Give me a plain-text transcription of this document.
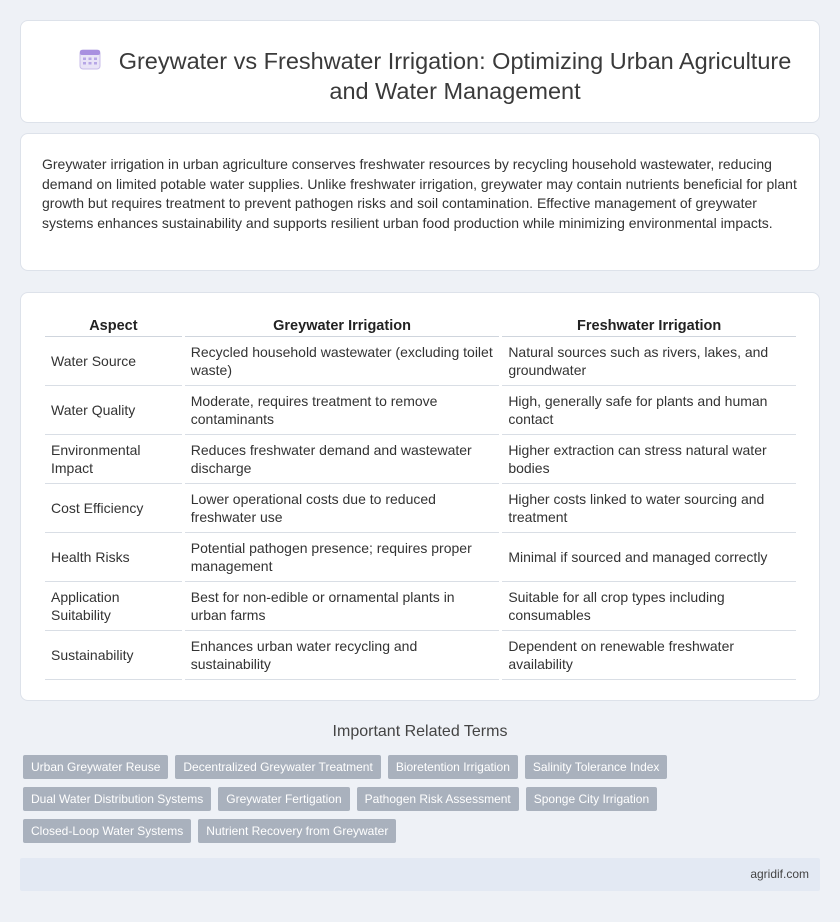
Greywater vs Freshwater Irrigation: Optimizing Urban Agriculture and Water Management

Greywater irrigation in urban agriculture conserves freshwater resources by recycling household wastewater, reducing demand on limited potable water supplies. Unlike freshwater irrigation, greywater may contain nutrients beneficial for plant growth but requires treatment to prevent pathogen risks and soil contamination. Effective management of greywater systems enhances sustainability and supports resilient urban food production while minimizing environmental impacts.

Aspect	Greywater Irrigation	Freshwater Irrigation
Water Source	Recycled household wastewater (excluding toilet waste)	Natural sources such as rivers, lakes, and groundwater
Water Quality	Moderate, requires treatment to remove contaminants	High, generally safe for plants and human contact
Environmental Impact	Reduces freshwater demand and wastewater discharge	Higher extraction can stress natural water bodies
Cost Efficiency	Lower operational costs due to reduced freshwater use	Higher costs linked to water sourcing and treatment
Health Risks	Potential pathogen presence; requires proper management	Minimal if sourced and managed correctly
Application Suitability	Best for non-edible or ornamental plants in urban farms	Suitable for all crop types including consumables
Sustainability	Enhances urban water recycling and sustainability	Dependent on renewable freshwater availability
Important Related Terms
Urban Greywater Reuse	Decentralized Greywater Treatment	Bioretention Irrigation	Salinity Tolerance Index
Dual Water Distribution Systems	Greywater Fertigation	Pathogen Risk Assessment	Sponge City Irrigation
Closed-Loop Water Systems	Nutrient Recovery from Greywater
agridif.com
